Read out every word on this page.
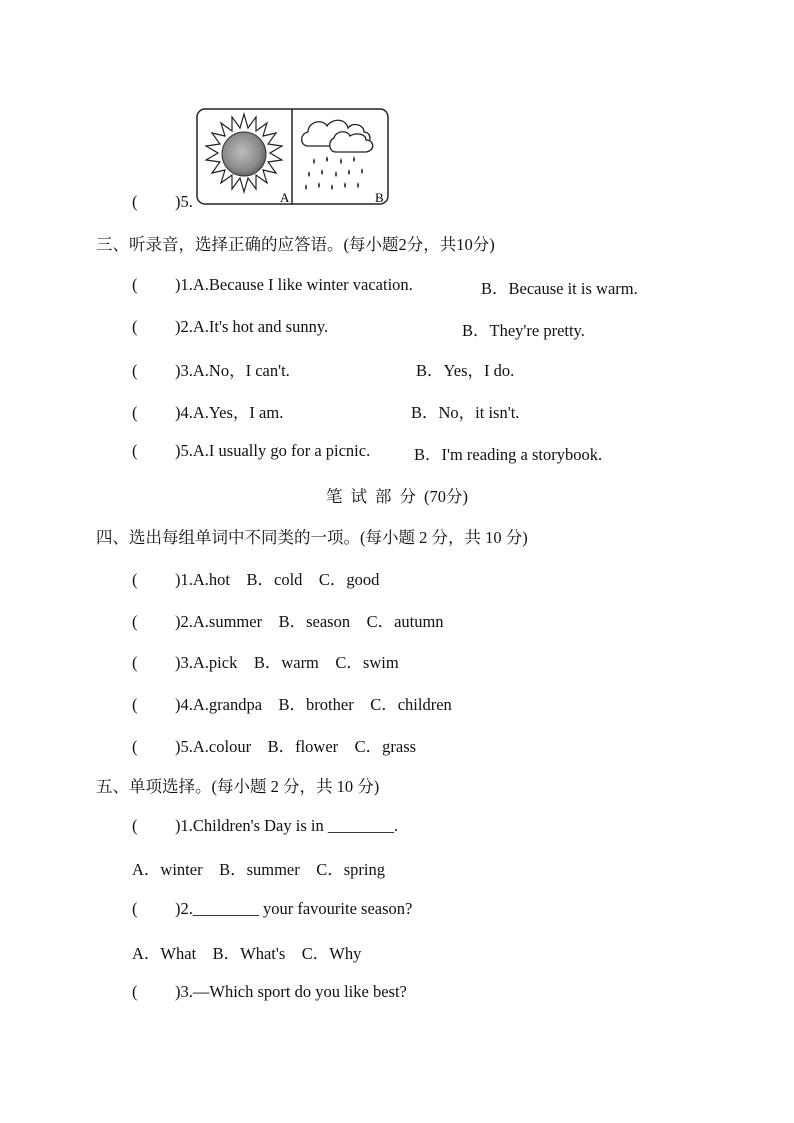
( )5.	A	B
三、听录音，选择正确的应答语。(每小题2分，共10分)
( )1.A.Because I like winter vacation.	B．Because it is warm.
( )2.A.It's hot and sunny.	B．They're pretty.
( )3.A.No，I can't.	B．Yes，I do.
( )4.A.Yes，I am.	B．No，it isn't.
( )5.A.I usually go for a picnic.	B．I'm reading a storybook.
笔试部分(70分)
四、选出每组单词中不同类的一项。(每小题 2 分，共 10 分)
( )1.A.hot　B．cold　C．good
( )2.A.summer　B．season　C．autumn
( )3.A.pick　B．warm　C．swim
( )4.A.grandpa　B．brother　C．children
( )5.A.colour　B．flower　C．grass
五、单项选择。(每小题 2 分，共 10 分)
( )1.Children's Day is in ________.
A．winter　B．summer　C．spring
( )2.________ your favourite season?
A．What　B．What's　C．Why
( )3.—Which sport do you like best?
